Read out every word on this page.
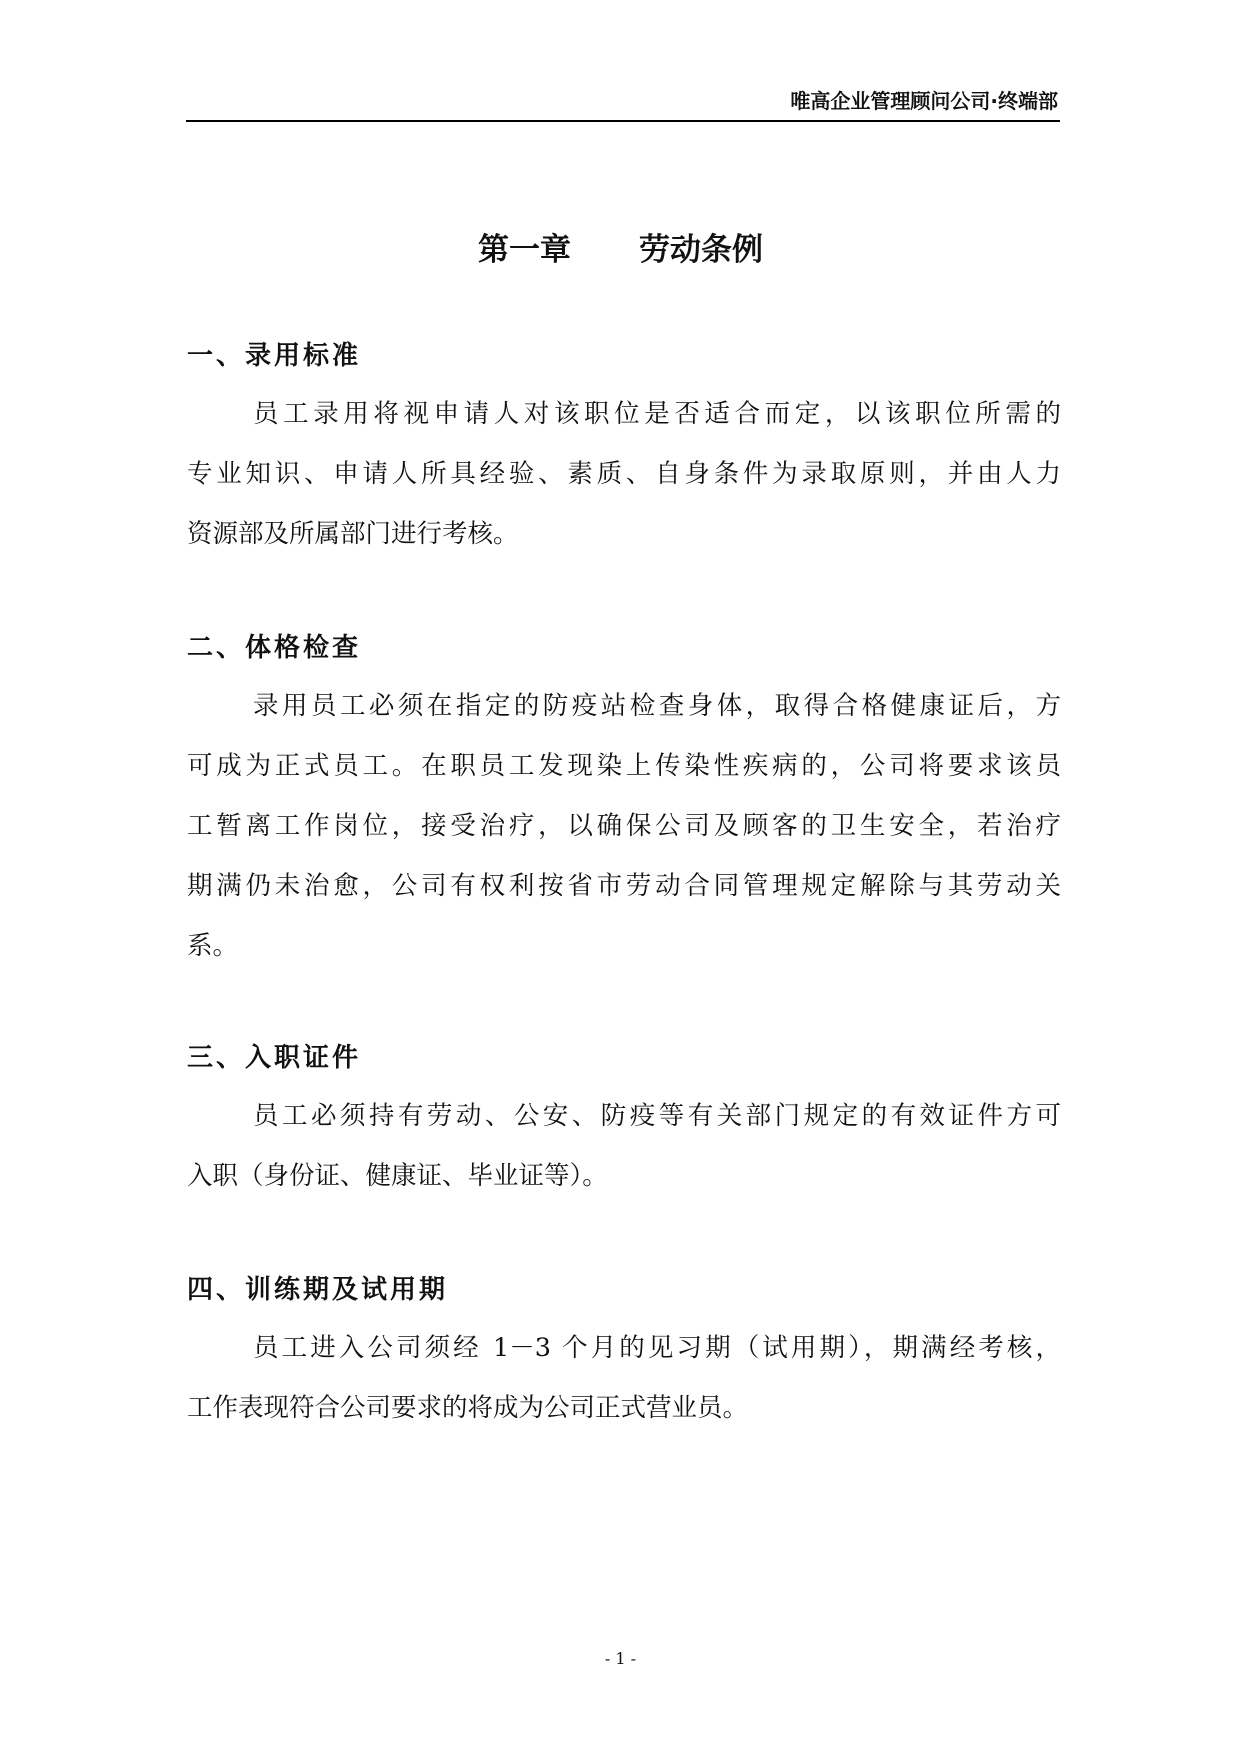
唯高企业管理顾问公司·终端部
第一章 劳动条例
一、录用标准
员工录用将视申请人对该职位是否适合而定，以该职位所需的
专业知识、申请人所具经验、素质、自身条件为录取原则，并由人力
资源部及所属部门进行考核。
二、体格检查
录用员工必须在指定的防疫站检查身体，取得合格健康证后，方
可成为正式员工。在职员工发现染上传染性疾病的，公司将要求该员
工暂离工作岗位，接受治疗，以确保公司及顾客的卫生安全，若治疗
期满仍未治愈，公司有权利按省市劳动合同管理规定解除与其劳动关
系。
三、入职证件
员工必须持有劳动、公安、防疫等有关部门规定的有效证件方可
入职（身份证、健康证、毕业证等）。
四、训练期及试用期
员工进入公司须经 1－3 个月的见习期（试用期），期满经考核，
工作表现符合公司要求的将成为公司正式营业员。
- 1 -
